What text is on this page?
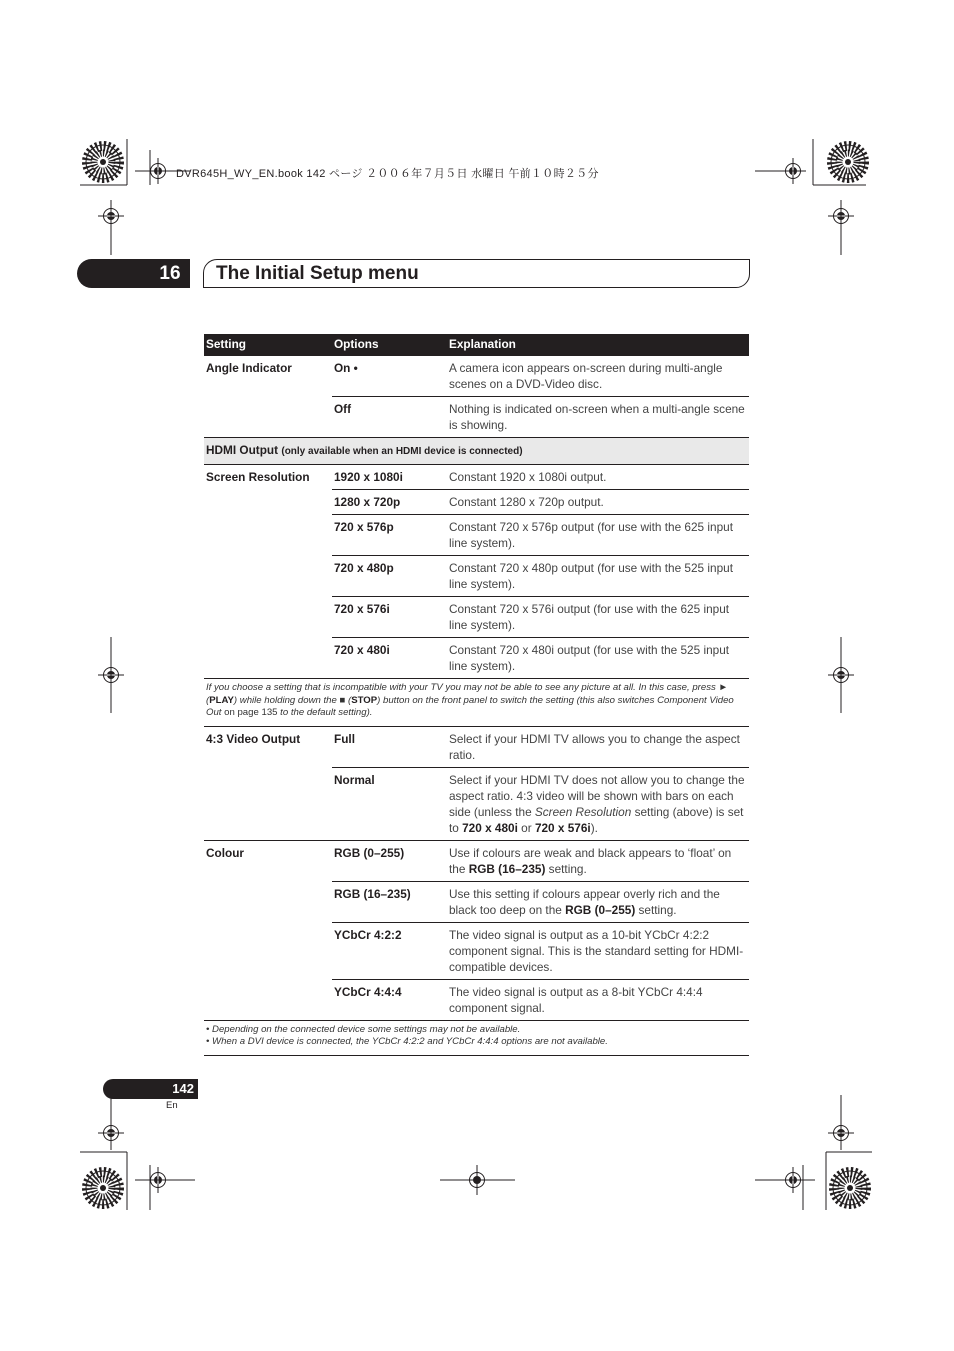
DVR645H_WY_EN.book 142 ページ ２００６年７月５日 水曜日 午前１０時２５分
16	The Initial Setup menu
Setting	Options	Explanation
Angle Indicator	On •	A camera icon appears on-screen during multi-angle scenes on a DVD-Video disc.
	Off	Nothing is indicated on-screen when a multi-angle scene is showing.
HDMI Output (only available when an HDMI device is connected)		
Screen Resolution	1920 x 1080i	Constant 1920 x 1080i output.
	1280 x 720p	Constant 1280 x 720p output.
	720 x 576p	Constant 720 x 576p output (for use with the 625 input line system).
	720 x 480p	Constant 720 x 480p output (for use with the 525 input line system).
	720 x 576i	Constant 720 x 576i output (for use with the 625 input line system).
	720 x 480i	Constant 720 x 480i output (for use with the 525 input line system).
If you choose a setting that is incompatible with your TV you may not be able to see any picture at all. In this case, press ► (PLAY) while holding down the ■ (STOP) button on the front panel to switch the setting (this also switches Component Video Out on page 135 to the default setting).		
4:3 Video Output	Full	Select if your HDMI TV allows you to change the aspect ratio.
	Normal	Select if your HDMI TV does not allow you to change the aspect ratio. 4:3 video will be shown with bars on each side (unless the Screen Resolution setting (above) is set to 720 x 480i or 720 x 576i).
Colour	RGB (0–255)	Use if colours are weak and black appears to ‘float’ on the RGB (16–235) setting.
	RGB (16–235)	Use this setting if colours appear overly rich and the black too deep on the RGB (0–255) setting.
	YCbCr 4:2:2	The video signal is output as a 10-bit YCbCr 4:2:2 component signal. This is the standard setting for HDMI-compatible devices.
	YCbCr 4:4:4	The video signal is output as a 8-bit YCbCr 4:4:4 component signal.

• Depending on the connected device some settings may not be available.
• When a DVI device is connected, the YCbCr 4:2:2 and YCbCr 4:4:4 options are not available.		
142
En
